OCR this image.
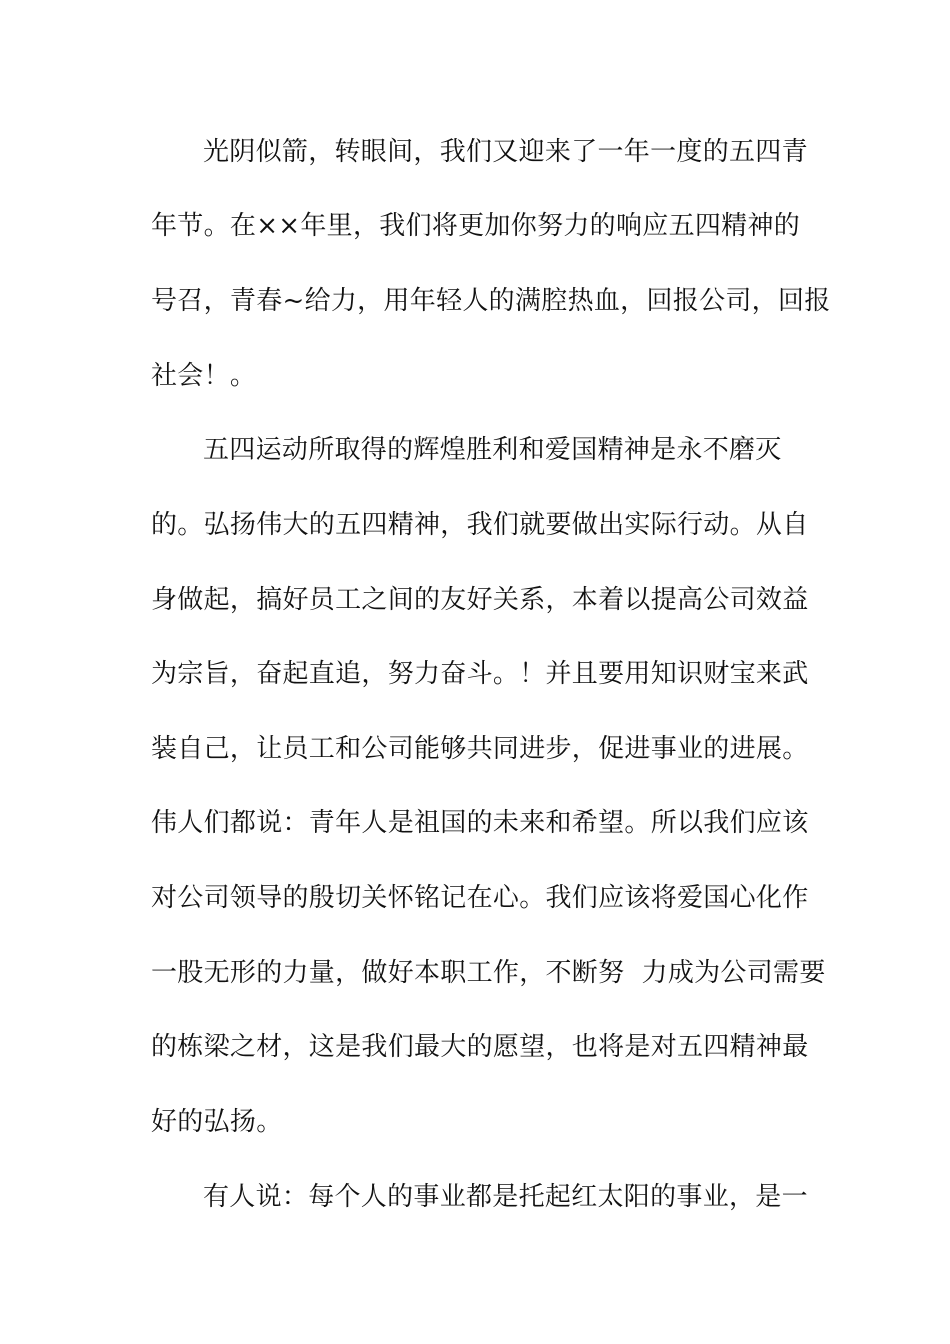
光阴似箭，转眼间，我们又迎来了一年一度的五四青
年节。在××年里，我们将更加你努力的响应五四精神的
号召，青春~给力，用年轻人的满腔热血，回报公司，回报
社会！。
五四运动所取得的辉煌胜利和爱国精神是永不磨灭
的。弘扬伟大的五四精神，我们就要做出实际行动。从自
身做起，搞好员工之间的友好关系，本着以提高公司效益
为宗旨，奋起直追，努力奋斗。！并且要用知识财宝来武
装自己，让员工和公司能够共同进步，促进事业的进展。
伟人们都说：青年人是祖国的未来和希望。所以我们应该
对公司领导的殷切关怀铭记在心。我们应该将爱国心化作
一股无形的力量，做好本职工作，不断努  力成为公司需要
的栋梁之材，这是我们最大的愿望，也将是对五四精神最
好的弘扬。
有人说：每个人的事业都是托起红太阳的事业，是一
